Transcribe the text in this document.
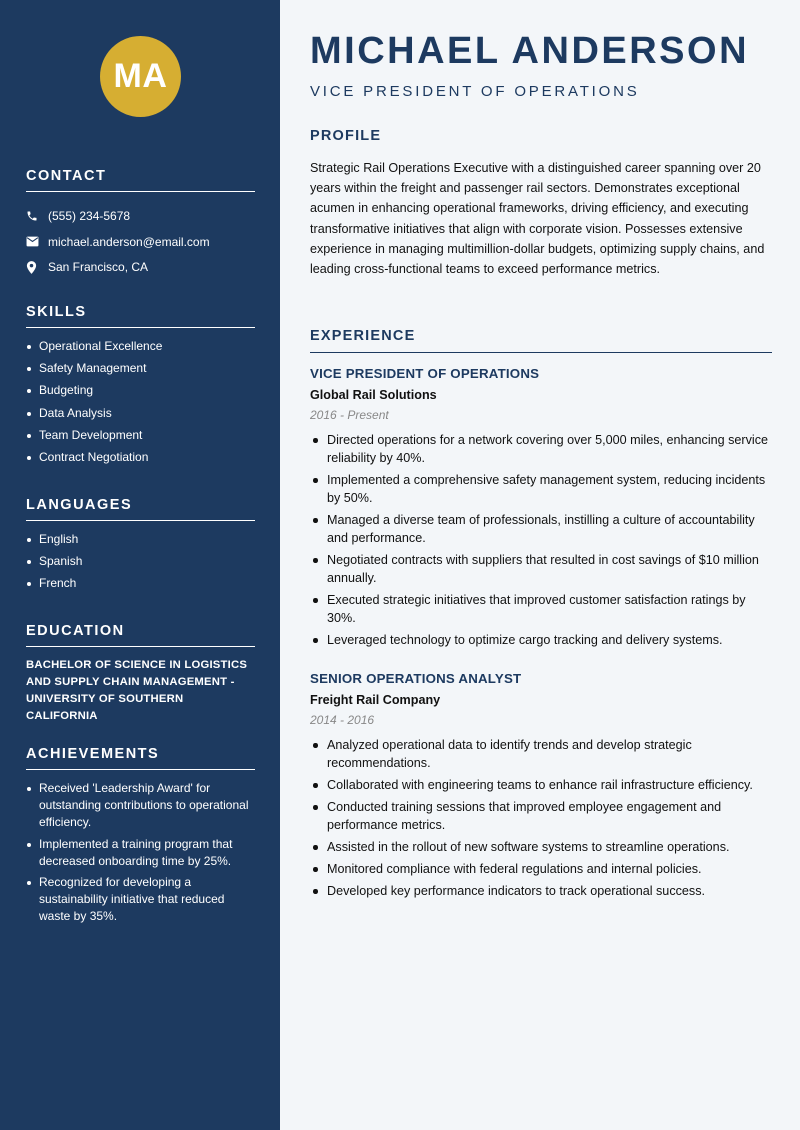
MA
CONTACT
(555) 234-5678
michael.anderson@email.com
San Francisco, CA
SKILLS
Operational Excellence
Safety Management
Budgeting
Data Analysis
Team Development
Contract Negotiation
LANGUAGES
English
Spanish
French
EDUCATION
BACHELOR OF SCIENCE IN LOGISTICS AND SUPPLY CHAIN MANAGEMENT - UNIVERSITY OF SOUTHERN CALIFORNIA
ACHIEVEMENTS
Received 'Leadership Award' for outstanding contributions to operational efficiency.
Implemented a training program that decreased onboarding time by 25%.
Recognized for developing a sustainability initiative that reduced waste by 35%.
MICHAEL ANDERSON
VICE PRESIDENT OF OPERATIONS
PROFILE
Strategic Rail Operations Executive with a distinguished career spanning over 20 years within the freight and passenger rail sectors. Demonstrates exceptional acumen in enhancing operational frameworks, driving efficiency, and executing transformative initiatives that align with corporate vision. Possesses extensive experience in managing multimillion-dollar budgets, optimizing supply chains, and leading cross-functional teams to exceed performance metrics.
EXPERIENCE
VICE PRESIDENT OF OPERATIONS
Global Rail Solutions
2016 - Present
Directed operations for a network covering over 5,000 miles, enhancing service reliability by 40%.
Implemented a comprehensive safety management system, reducing incidents by 50%.
Managed a diverse team of professionals, instilling a culture of accountability and performance.
Negotiated contracts with suppliers that resulted in cost savings of $10 million annually.
Executed strategic initiatives that improved customer satisfaction ratings by 30%.
Leveraged technology to optimize cargo tracking and delivery systems.
SENIOR OPERATIONS ANALYST
Freight Rail Company
2014 - 2016
Analyzed operational data to identify trends and develop strategic recommendations.
Collaborated with engineering teams to enhance rail infrastructure efficiency.
Conducted training sessions that improved employee engagement and performance metrics.
Assisted in the rollout of new software systems to streamline operations.
Monitored compliance with federal regulations and internal policies.
Developed key performance indicators to track operational success.
